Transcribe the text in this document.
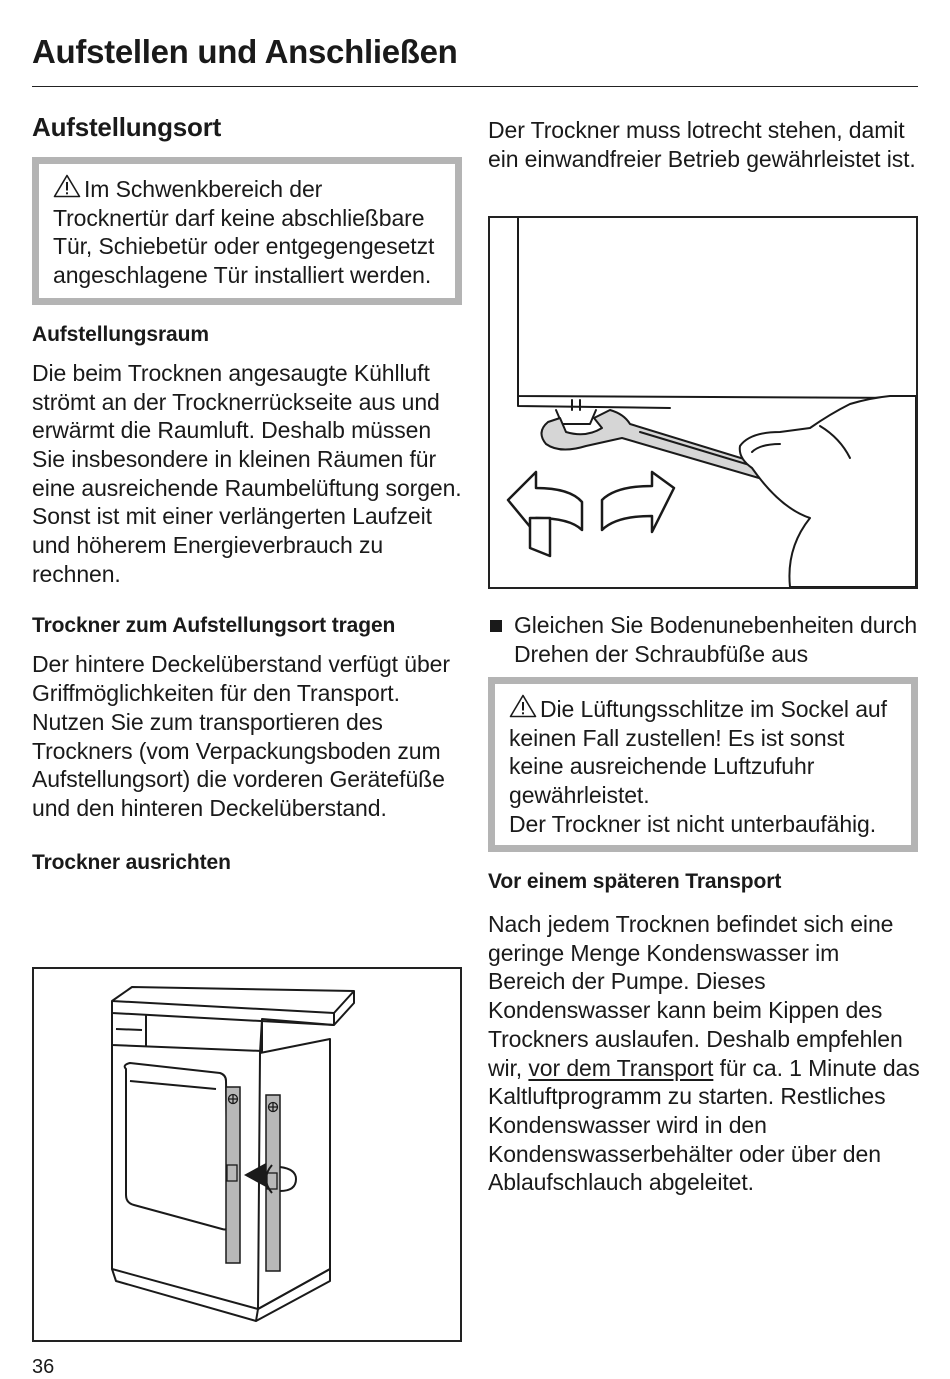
Aufstellen und Anschließen
Aufstellungsort
Im Schwenkbereich der Trocknertür darf keine abschließbare Tür, Schiebetür oder entgegengesetzt angeschlagene Tür installiert werden.
Aufstellungsraum

Die beim Trocknen angesaugte Kühlluft strömt an der Trocknerrückseite aus und erwärmt die Raumluft. Deshalb müssen Sie insbesondere in kleinen Räumen für eine ausreichende Raumbelüftung sorgen. Sonst ist mit einer verlängerten Laufzeit und höherem Energieverbrauch zu rechnen.

Trockner zum Aufstellungsort tragen

Der hintere Deckelüberstand verfügt über Griffmöglichkeiten für den Transport. Nutzen Sie zum transportieren des Trockners (vom Verpackungsboden zum Aufstellungsort) die vorderen Gerätefüße und den hinteren Deckelüberstand.

Trockner ausrichten

Der Trockner muss lotrecht stehen, damit ein einwandfreier Betrieb gewährleistet ist.

Gleichen Sie Bodenunebenheiten durch Drehen der Schraubfüße aus
Die Lüftungsschlitze im Sockel auf keinen Fall zustellen! Es ist sonst keine ausreichende Luftzufuhr gewährleistet.
Der Trockner ist nicht unterbaufähig.
Vor einem späteren Transport

Nach jedem Trocknen befindet sich eine geringe Menge Kondenswasser im Bereich der Pumpe. Dieses Kondenswasser kann beim Kippen des Trockners auslaufen. Deshalb empfehlen wir, vor dem Transport für ca. 1 Minute das Kaltluftprogramm zu starten. Restliches Kondenswasser wird in den Kondenswasserbehälter oder über den Ablaufschlauch abgeleitet.

36
